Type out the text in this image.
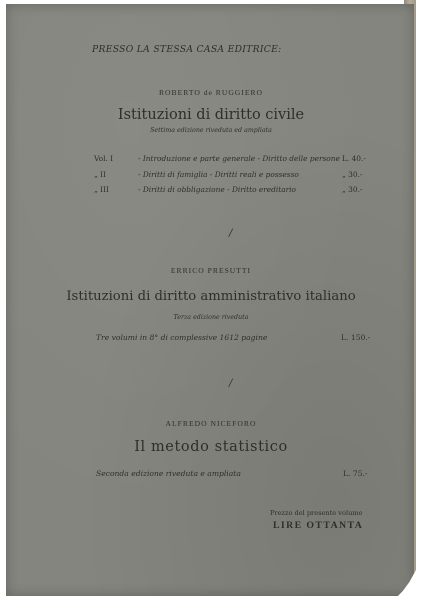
PRESSO LA STESSA CASA EDITRICE:
ROBERTO de RUGGIERO
Istituzioni di diritto civile
Settima edizione riveduta ed ampliata
Vol. I	- Introduzione e parte generale - Diritto delle persone L. 40.-
„ II	- Diritti di famiglia - Diritti reali e possesso	„ 30.-
„ III	- Diritti di obbligazione - Diritto ereditario	„ 30.-
/
ERRICO PRESUTTI
Istituzioni di diritto amministrativo italiano
Terza edizione riveduta
Tre volumi in 8° di complessive 1612 pagine	L. 150.-
/
ALFREDO NICEFORO
Il metodo statistico
Seconda edizione riveduta e ampliata	L. 75.-
Prezzo del presente volume
LIRE OTTANTA
